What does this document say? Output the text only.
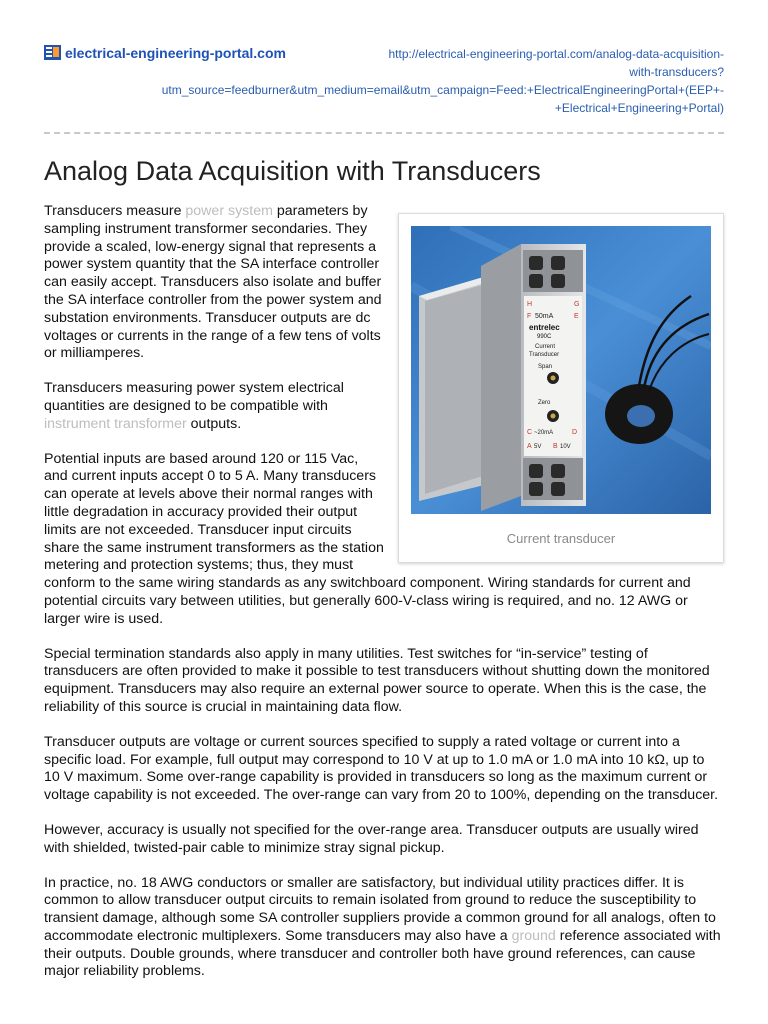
electrical-engineering-portal.com	http://electrical-engineering-portal.com/analog-data-acquisition-
with-transducers?
utm_source=feedburner&utm_medium=email&utm_campaign=Feed:+ElectricalEngineeringPortal+(EEP+-
+Electrical+Engineering+Portal)
Analog Data Acquisition with Transducers
H	G
F 50mA	E
entrelec
990C
Current
Transducer
Span
Zero
C ~20mA	D
A 5V B 10V
Current transducer

Transducers measure power system parameters by sampling instrument transformer secondaries. They provide a scaled, low-energy signal that represents a power system quantity that the SA interface controller can easily accept. Transducers also isolate and buffer the SA interface controller from the power system and substation environments. Transducer outputs are dc voltages or currents in the range of a few tens of volts or milliamperes.

Transducers measuring power system electrical quantities are designed to be compatible with instrument transformer outputs.

Potential inputs are based around 120 or 115 Vac, and current inputs accept 0 to 5 A. Many transducers can operate at levels above their normal ranges with little degradation in accuracy provided their output limits are not exceeded. Transducer input circuits share the same instrument transformers as the station metering and protection systems; thus, they must conform to the same wiring standards as any switchboard component. Wiring standards for current and potential circuits vary between utilities, but generally 600-V-class wiring is required, and no. 12 AWG or larger wire is used.

Special termination standards also apply in many utilities. Test switches for “in-service” testing of transducers are often provided to make it possible to test transducers without shutting down the monitored equipment. Transducers may also require an external power source to operate. When this is the case, the reliability of this source is crucial in maintaining data flow.

Transducer outputs are voltage or current sources specified to supply a rated voltage or current into a specific load. For example, full output may correspond to 10 V at up to 1.0 mA or 1.0 mA into 10 kΩ, up to 10 V maximum. Some over-range capability is provided in transducers so long as the maximum current or voltage capability is not exceeded. The over-range can vary from 20 to 100%, depending on the transducer.

However, accuracy is usually not specified for the over-range area. Transducer outputs are usually wired with shielded, twisted-pair cable to minimize stray signal pickup.

In practice, no. 18 AWG conductors or smaller are satisfactory, but individual utility practices differ. It is common to allow transducer output circuits to remain isolated from ground to reduce the susceptibility to transient damage, although some SA controller suppliers provide a common ground for all analogs, often to accommodate electronic multiplexers. Some transducers may also have a ground reference associated with their outputs. Double grounds, where transducer and controller both have ground references, can cause major reliability problems.
